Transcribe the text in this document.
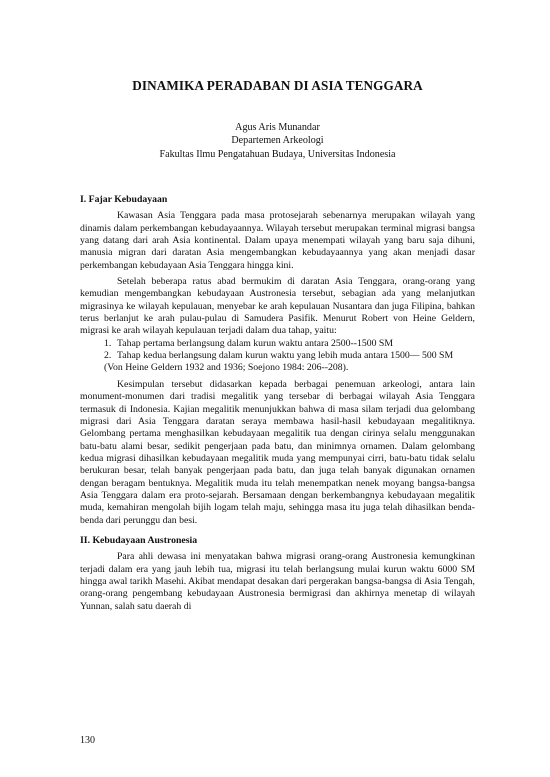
DINAMIKA PERADABAN DI ASIA TENGGARA
Agus Aris Munandar
Departemen Arkeologi
Fakultas Ilmu Pengatahuan Budaya, Universitas Indonesia

I. Fajar Kebudayaan

Kawasan Asia Tenggara pada masa protosejarah sebenarnya merupakan wilayah yang dinamis dalam perkembangan kebudayaannya. Wilayah tersebut merupakan terminal migrasi bangsa yang datang dari arah Asia kontinental. Dalam upaya menempati wilayah yang baru saja dihuni, manusia migran dari daratan Asia mengembangkan kebudayaannya yang akan menjadi dasar perkembangan kebudayaan Asia Tenggara hingga kini.

Setelah beberapa ratus abad bermukim di daratan Asia Tenggara, orang-orang yang kemudian mengembangkan kebudayaan Austronesia tersebut, sebagian ada yang melanjutkan migrasinya ke wilayah kepulauan, menyebar ke arah kepulauan Nusantara dan juga Filipina, bahkan terus berlanjut ke arah pulau-pulau di Samudera Pasifik. Menurut Robert von Heine Geldern, migrasi ke arah wilayah kepulauan terjadi dalam dua tahap, yaitu:

1. Tahap pertama berlangsung dalam kurun waktu antara 2500--1500 SM
2. Tahap kedua berlangsung dalam kurun waktu yang lebih muda antara 1500— 500 SM

(Von Heine Geldern 1932 and 1936; Soejono 1984: 206--208).

Kesimpulan tersebut didasarkan kepada berbagai penemuan arkeologi, antara lain monument-monumen dari tradisi megalitik yang tersebar di berbagai wilayah Asia Tenggara termasuk di Indonesia. Kajian megalitik menunjukkan bahwa di masa silam terjadi dua gelombang migrasi dari Asia Tenggara daratan seraya membawa hasil-hasil kebudayaan megalitiknya. Gelombang pertama menghasilkan kebudayaan megalitik tua dengan cirinya selalu menggunakan batu-batu alami besar, sedikit pengerjaan pada batu, dan minimnya ornamen. Dalam gelombang kedua migrasi dihasilkan kebudayaan megalitik muda yang mempunyai cirri, batu-batu tidak selalu berukuran besar, telah banyak pengerjaan pada batu, dan juga telah banyak digunakan ornamen dengan beragam bentuknya. Megalitik muda itu telah menempatkan nenek moyang bangsa-bangsa Asia Tenggara dalam era proto-sejarah. Bersamaan dengan berkembangnya kebudayaan megalitik muda, kemahiran mengolah bijih logam telah maju, sehingga masa itu juga telah dihasilkan benda-benda dari perunggu dan besi.

II. Kebudayaan Austronesia

Para ahli dewasa ini menyatakan bahwa migrasi orang-orang Austronesia kemungkinan terjadi dalam era yang jauh lebih tua, migrasi itu telah berlangsung mulai kurun waktu 6000 SM hingga awal tarikh Masehi. Akibat mendapat desakan dari pergerakan bangsa-bangsa di Asia Tengah, orang-orang pengembang kebudayaan Austronesia bermigrasi dan akhirnya menetap di wilayah Yunnan, salah satu daerah di

130
